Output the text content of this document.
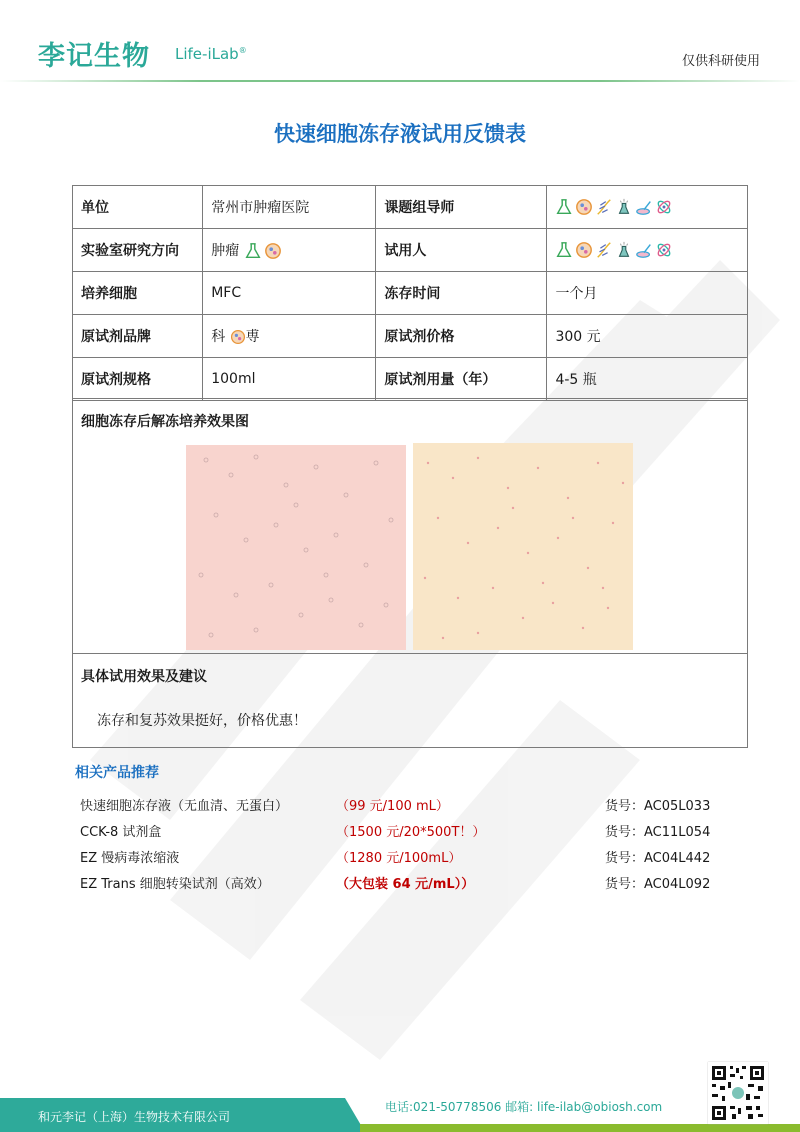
李记生物 Life-iLab®
仅供科研使用
快速细胞冻存液试用反馈表
单位	常州市肿瘤医院	课题组导师	

实验室研究方向	肿瘤	试用人	

培养细胞	MFC	冻存时间	一个月
原试剂品牌	科 尃	原试剂价格	300 元
原试剂规格	100ml	原试剂用量（年）	4-5 瓶
细胞冻存后解冻培养效果图
具体试用效果及建议
冻存和复苏效果挺好，价格优惠！
相关产品推荐
快速细胞冻存液（无血清、无蛋白）	（99 元/100 mL）	货号：AC05L033
CCK-8 试剂盒	（1500 元/20*500T！）	货号：AC11L054
EZ 慢病毒浓缩液	（1280 元/100mL）	货号：AC04L442
EZ Trans 细胞转染试剂（高效）	（大包装 64 元/mL））	货号：AC04L092
和元李记（上海）生物技术有限公司
电话:021-50778506 邮箱: life-ilab@obiosh.com
